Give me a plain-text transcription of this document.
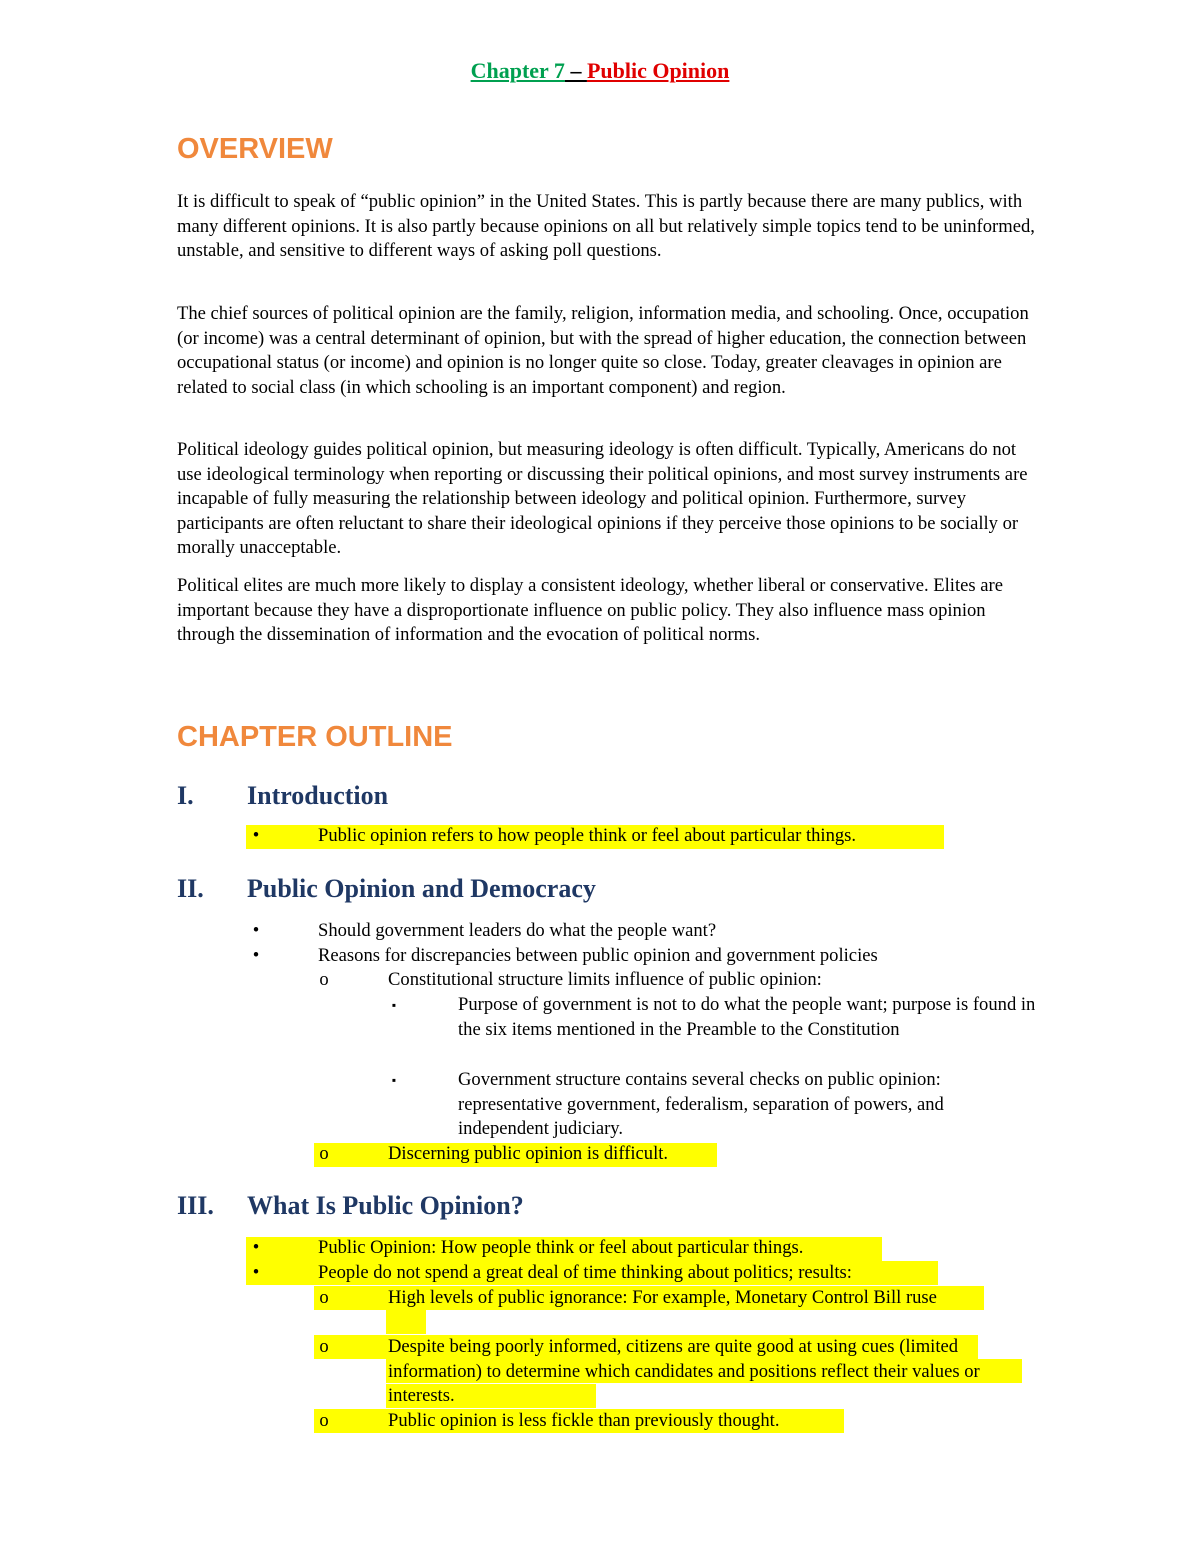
Chapter 7 – Public Opinion
OVERVIEW

It is difficult to speak of “public opinion” in the United States. This is partly because there are many publics, with many different opinions. It is also partly because opinions on all but relatively simple topics tend to be uninformed, unstable, and sensitive to different ways of asking poll questions.

The chief sources of political opinion are the family, religion, information media, and schooling. Once, occupation (or income) was a central determinant of opinion, but with the spread of higher education, the connection between occupational status (or income) and opinion is no longer quite so close. Today, greater cleavages in opinion are related to social class (in which schooling is an important component) and region.

Political ideology guides political opinion, but measuring ideology is often difficult. Typically, Americans do not use ideological terminology when reporting or discussing their political opinions, and most survey instruments are incapable of fully measuring the relationship between ideology and political opinion. Furthermore, survey participants are often reluctant to share their ideological opinions if they perceive those opinions to be socially or morally unacceptable.

Political elites are much more likely to display a consistent ideology, whether liberal or conservative. Elites are important because they have a disproportionate influence on public policy. They also influence mass opinion through the dissemination of information and the evocation of political norms.

CHAPTER OUTLINE
I. Introduction
•	Public opinion refers to how people think or feel about particular things.
II. Public Opinion and Democracy
•	Should government leaders do what the people want?
•	Reasons for discrepancies between public opinion and government policies
o	Constitutional structure limits influence of public opinion:
▪	Purpose of government is not to do what the people want; purpose is found in the six items mentioned in the Preamble to the Constitution
▪	Government structure contains several checks on public opinion: representative government, federalism, separation of powers, and independent judiciary.
o	Discerning public opinion is difficult.
III. What Is Public Opinion?
•	Public Opinion: How people think or feel about particular things.
•	People do not spend a great deal of time thinking about politics; results:
o	High levels of public ignorance: For example, Monetary Control Bill ruse
o	Despite being poorly informed, citizens are quite good at using cues (limited information) to determine which candidates and positions reflect their values or interests.
o	Public opinion is less fickle than previously thought.
